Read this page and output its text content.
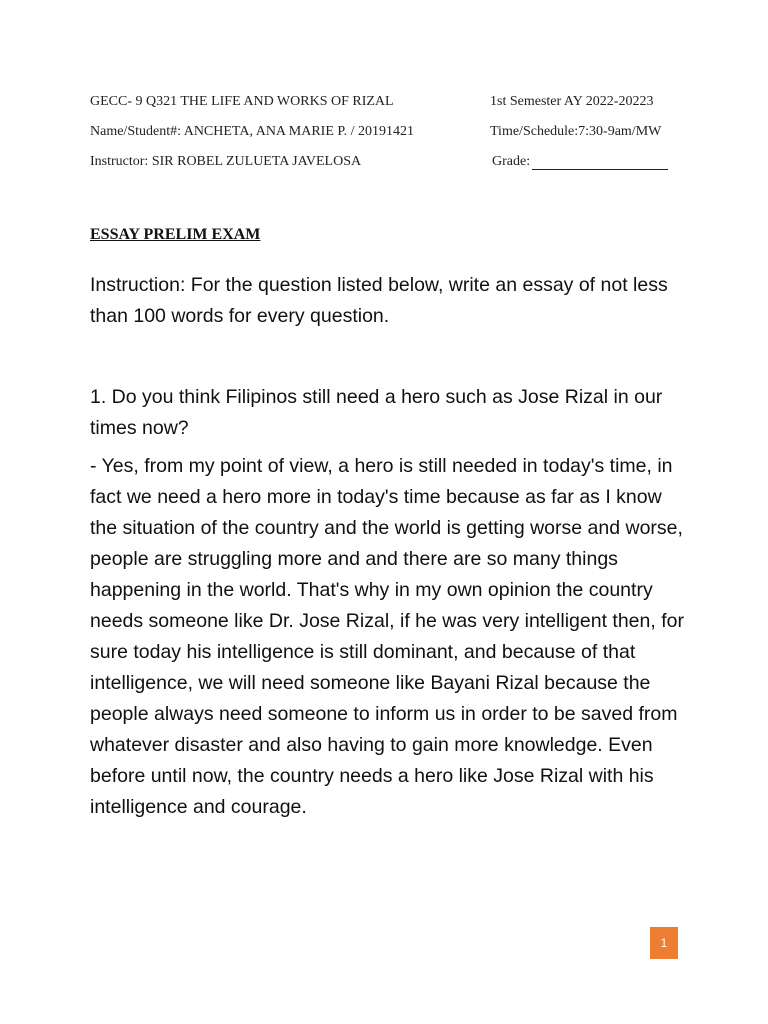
GECC- 9 Q321 THE LIFE AND WORKS OF RIZAL	1st Semester AY 2022-20223
Name/Student#: ANCHETA, ANA MARIE P. / 20191421	Time/Schedule:7:30-9am/MW
Instructor: SIR ROBEL ZULUETA JAVELOSA	Grade:
ESSAY PRELIM EXAM
Instruction: For the question listed below, write an essay of not less than 100 words for every question.
1. Do you think Filipinos still need a hero such as Jose Rizal in our times now?
- Yes, from my point of view, a hero is still needed in today's time, in fact we need a hero more in today's time because as far as I know the situation of the country and the world is getting worse and worse, people are struggling more and and there are so many things happening in the world. That's why in my own opinion the country needs someone like Dr. Jose Rizal, if he was very intelligent then, for sure today his intelligence is still dominant, and because of that intelligence, we will need someone like Bayani Rizal because the people always need someone to inform us in order to be saved from whatever disaster and also having to gain more knowledge. Even before until now, the country needs a hero like Jose Rizal with his intelligence and courage.
1
